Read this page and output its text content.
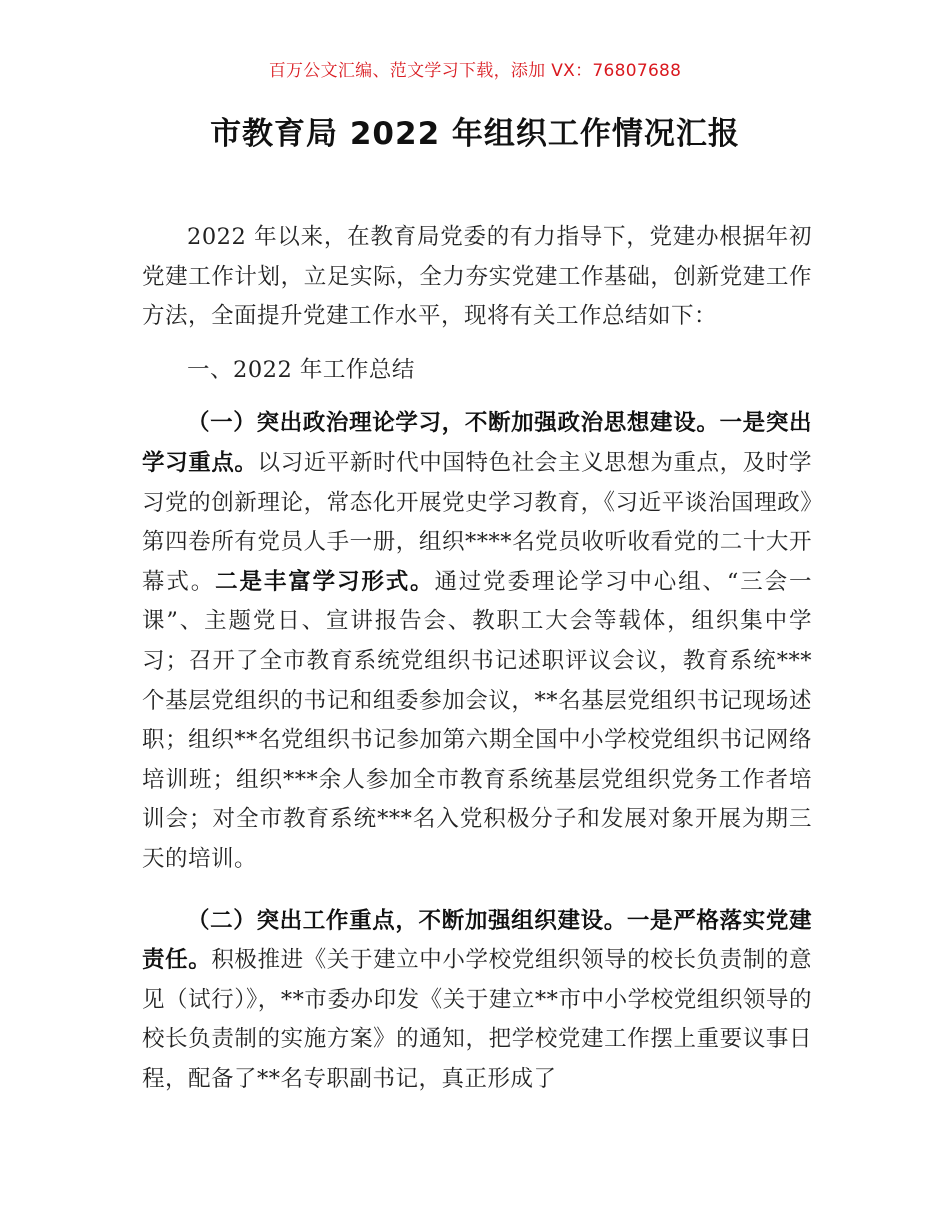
百万公文汇编、范文学习下载，添加 VX：76807688
市教育局 2022 年组织工作情况汇报

2022 年以来，在教育局党委的有力指导下，党建办根据年初党建工作计划，立足实际，全力夯实党建工作基础，创新党建工作方法，全面提升党建工作水平，现将有关工作总结如下：

一、2022 年工作总结

（一）突出政治理论学习，不断加强政治思想建设。一是突出学习重点。以习近平新时代中国特色社会主义思想为重点，及时学习党的创新理论，常态化开展党史学习教育，《习近平谈治国理政》第四卷所有党员人手一册，组织****名党员收听收看党的二十大开幕式。二是丰富学习形式。通过党委理论学习中心组、“三会一课”、主题党日、宣讲报告会、教职工大会等载体，组织集中学习；召开了全市教育系统党组织书记述职评议会议，教育系统***个基层党组织的书记和组委参加会议，**名基层党组织书记现场述职；组织**名党组织书记参加第六期全国中小学校党组织书记网络培训班；组织***余人参加全市教育系统基层党组织党务工作者培训会；对全市教育系统***名入党积极分子和发展对象开展为期三天的培训。

（二）突出工作重点，不断加强组织建设。一是严格落实党建责任。积极推进《关于建立中小学校党组织领导的校长负责制的意见（试行）》，**市委办印发《关于建立**市中小学校党组织领导的校长负责制的实施方案》的通知，把学校党建工作摆上重要议事日程，配备了**名专职副书记，真正形成了
